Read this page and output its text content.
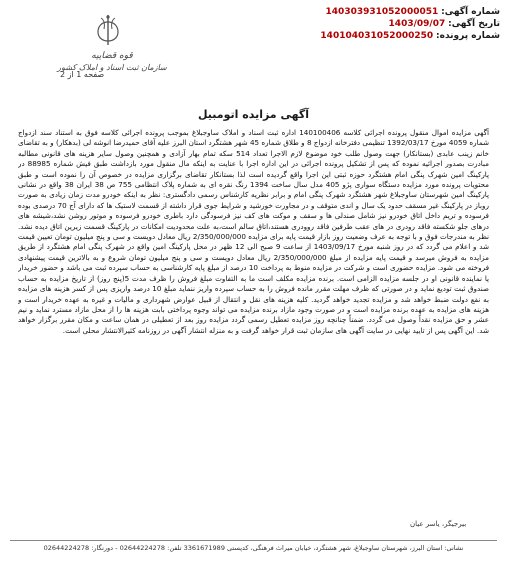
قوه قضاییه
سازمان ثبت اسناد و املاک کشور
شماره آگهی: 140303931052000051
تاریخ آگهی: 1403/09/07
شماره پرونده: 140104031052000250
صفحه 1 از 2
آگهی مزایده اتومبیل
آگهی مزایده اموال منقول پرونده اجرائی کلاسه 140100406 اداره ثبت اسناد و املاک ساوجبلاغ بموجب پرونده اجرائی کلاسه فوق به استناد سند ازدواج شماره 4059 مورخ 1392/03/17 تنظیمی دفترخانه ازدواج 8 و طلاق شماره 45 شهر هشتگرد استان البرز علیه آقای حمیدرضا انوشه لی (بدهکار) و به تقاضای خانم زینب عابدی (بستانکار) جهت وصول طلب خود موضوع لازم الاجرا تعداد 514 سکه تمام بهار آزادی و همچنین وصول سایر هزینه های قانونی مطالبه مبادرت بصدور اجرائیه نموده که پس از تشکیل پرونده اجرائی در این اداره اجرا با عنایت به اینکه مال منقول مورد بازداشت طبق فیش شماره 88985 در پارکینگ امین شهرک پنگی امام هشتگرد حوزه ثبتی این اجرا واقع گردیده است لذا بستانکار تقاضای برگزاری مزایده در خصوص آن را نموده است و طبق محتویات پرونده مورد مزایده دستگاه سواری پژو 405 مدل سال ساخت 1394 رنگ نقره ای به شماره پلاک انتظامی 755 ص 38 ایران 38 واقع در نشانی پارکینگ امین شهرستان ساوجبلاغ شهر هشتگرد شهرک پنگی امام و برابر نظریه کارشناس رسمی دادگستری: نظر به اینکه خودرو مدت زمان زیادی به صورت روباز در پارکینگ غیر مسقف حدود یک سال و اندی متوقف و در مجاورت خورشید و شرایط جوی قرار داشته از قسمت لاستیک ها که دارای آج 70 درصدی بوده فرسوده و تریم داخل اتاق خودرو نیز شامل صندلی ها و سقف و موکت های کف نیز فرسودگی دارد باطری خودرو فرسوده و موتور روشن نشد،شیشه های درهای جلو شکسته فاقد رودری در های عقب طرفین فاقد روودری هستند،اتاق سالم است،به علت محدودیت امکانات در پارکینگ قسمت زیرین اتاق دیده نشد. نظر به مندرجات فوق و با توجه به عرف وضعیت روز بازار قیمت پایه برای مزایده 2/350/000/000 ریال معادل دویست و سی و پنج میلیون تومان تعیین قیمت شد و اعلام می گردد که در روز شنبه مورخ 1403/09/17 از ساعت 9 صبح الی 12 ظهر در محل پارکینگ امین واقع در شهرک پنگی امام هشتگرد از طریق مزایده به فروش میرسد و قیمت پایه مزایده از مبلغ 2/350/000/000 ریال معادل دویست و سی و پنج میلیون تومان شروع و به بالاترین قیمت پیشنهادی فروخته می شود. مزایده حضوری است و شرکت در مزایده منوط به پرداخت 10 درصد از مبلغ پایه کارشناسی به حساب سپرده ثبت می باشد و حضور خریدار یا نماینده قانونی او در جلسه مزایده الزامی است. برنده مزایده مکلف است ما به التفاوت مبلغ فروش را ظرف مدت 5(پنج روز) از تاریخ مزایده به حساب صندوق ثبت تودیع نماید و در صورتی که ظرف مهلت مقرر مانده فروش را به حساب سپرده واریز ننماید مبلغ 10 درصد واریزی پس از کسر هزینه های مزایده به نفع دولت ضبط خواهد شد و مزایده تجدید خواهد گردید. کلیه هزینه های نقل و انتقال از قبیل عوارض شهرداری و مالیات و غیره به عهده خریدار است و هزینه های مزایده به عهده برنده مزایده است و در صورت وجود مازاد برنده مزایده می تواند وجوه پرداختی بابت هزینه ها را از محل مازاد مسترد نماید و نیم عشر و حق مزایده نقداً وصول می گردد. ضمناً چنانچه روز مزایده تعطیل رسمی گردد مزایده روز بعد از تعطیلی در همان ساعت و مکان مقرر برگزار خواهد شد. این آگهی پس از تایید نهایی در سایت آگهی های سازمان ثبت قرار خواهد گرفت و به منزله انتشار آگهی در روزنامه کثیرالانتشار محلی است.
بیرجیگر، یاسر عیان
نشانی: استان البرز، شهرستان ساوجبلاغ، شهر هشتگرد، خیابان میراث فرهنگی، کدپستی 3361671989 تلفن: 02644224278 - دورنگار: 02644224278
